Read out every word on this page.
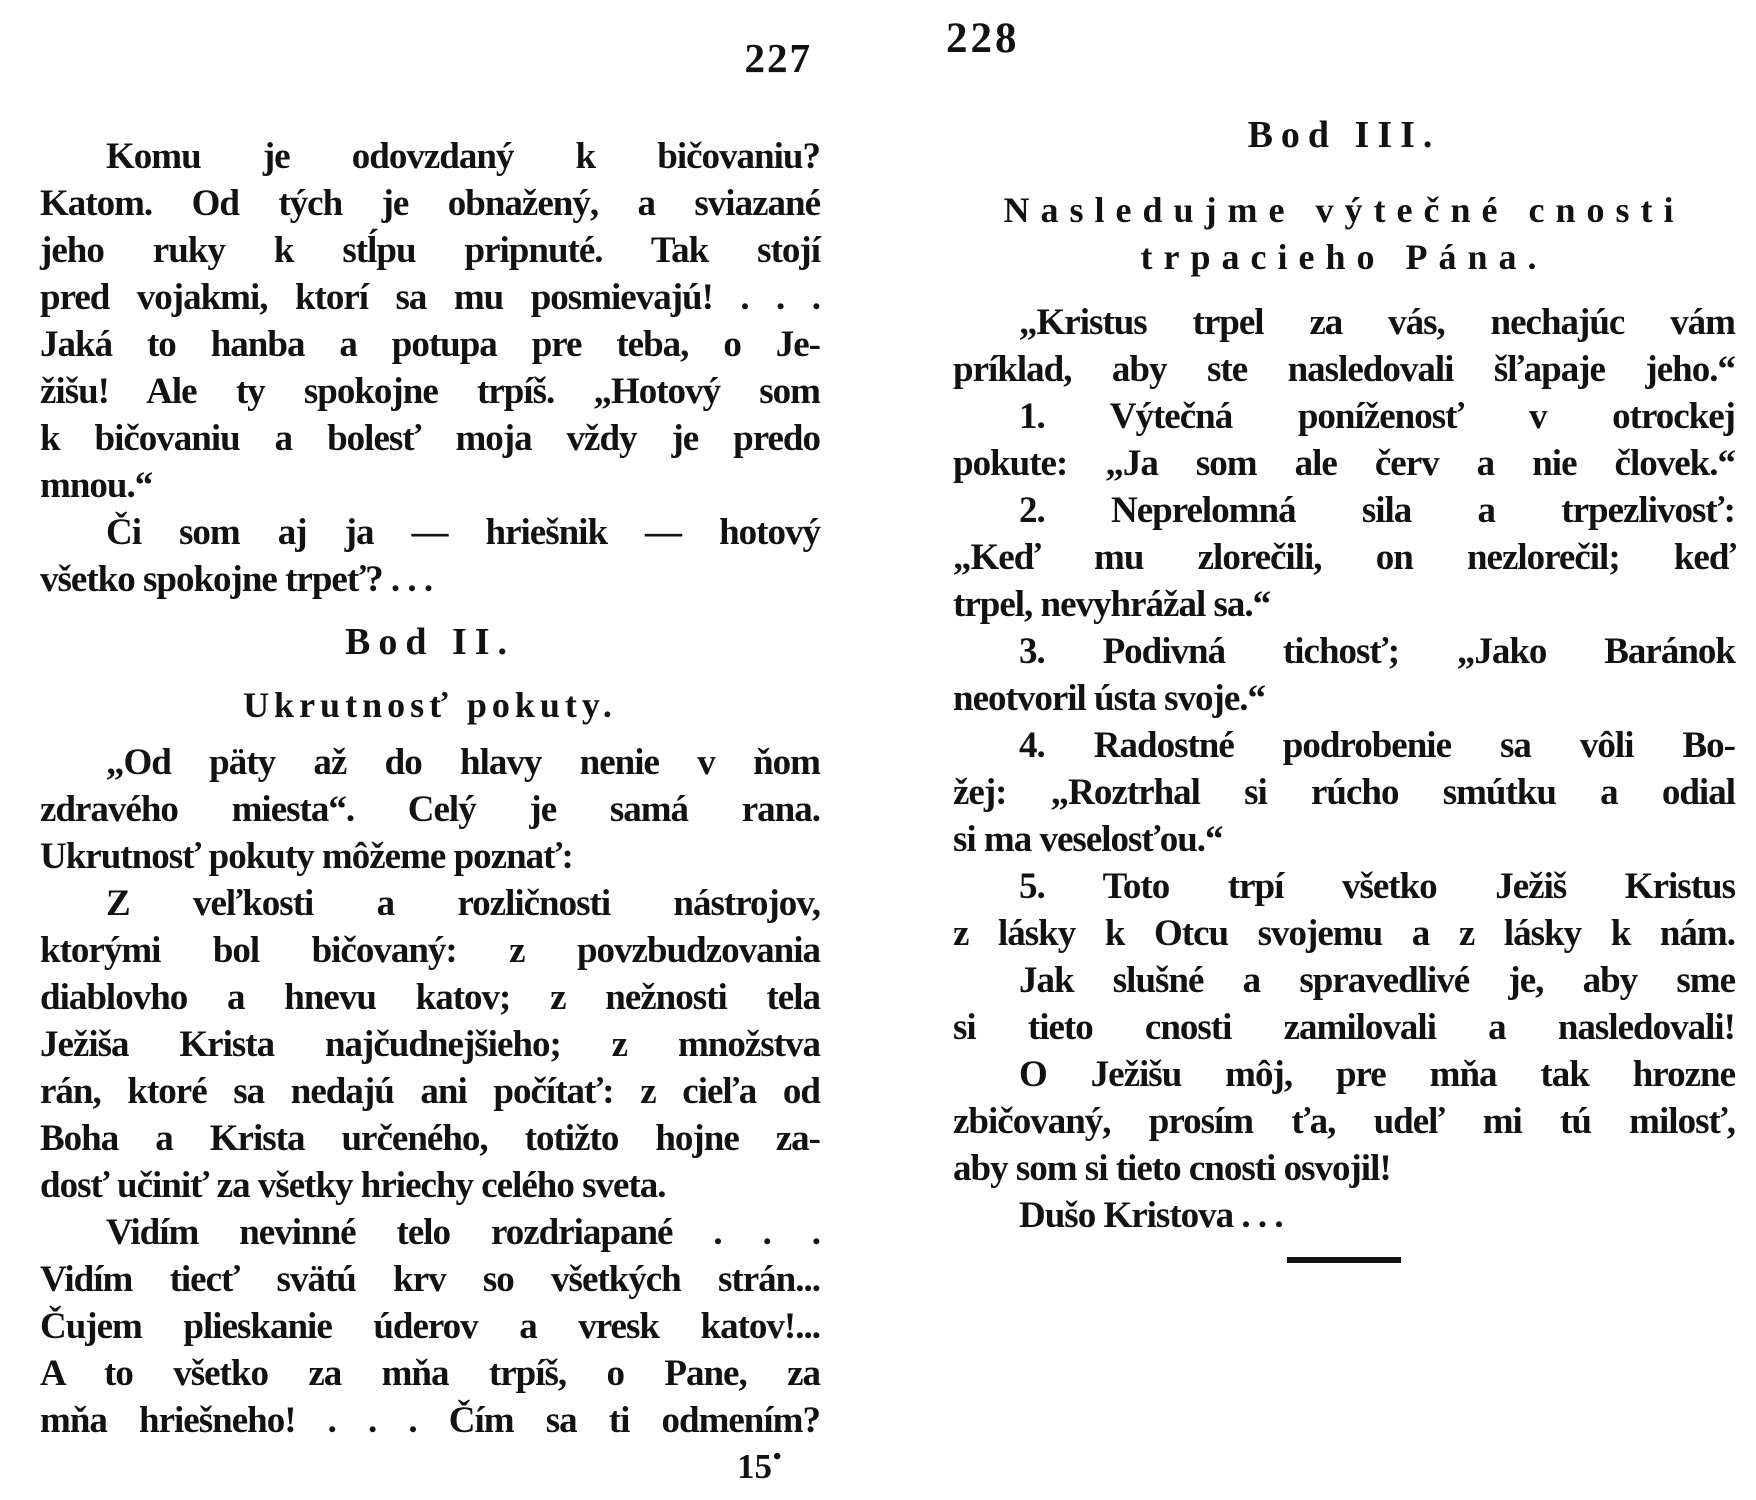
227	228
Komu je odovzdaný k bičovaniu?
Katom. Od tých je obnažený, a sviazané
jeho ruky k stĺpu pripnuté. Tak stojí
pred vojakmi, ktorí sa mu posmievajú! . . .
Jaká to hanba a potupa pre teba, o Je-
žišu! Ale ty spokojne trpíš. „Hotový som
k bičovaniu a bolesť moja vždy je predo
mnou.“
Či som aj ja — hriešnik — hotový
všetko spokojne trpeť? . . .
Bod II.
Ukrutnosť pokuty.
„Od päty až do hlavy nenie v ňom
zdravého miesta“. Celý je samá rana.
Ukrutnosť pokuty môžeme poznať:
Z veľkosti a rozličnosti nástrojov,
ktorými bol bičovaný: z povzbudzovania
diablovho a hnevu katov; z nežnosti tela
Ježiša Krista najčudnejšieho; z množstva
rán, ktoré sa nedajú ani počítať: z cieľa od
Boha a Krista určeného, totižto hojne za-
dosť učiniť za všetky hriechy celého sveta.
Vidím nevinné telo rozdriapané . . .
Vidím tiecť svätú krv so všetkých strán...
Čujem plieskanie úderov a vresk katov!...
A to všetko za mňa trpíš, o Pane, za
mňa hriešneho! . . . Čím sa ti odmením?
Bod III.
Nasledujme výtečné cnosti
trpacieho Pána.
„Kristus trpel za vás, nechajúc vám
príklad, aby ste nasledovali šľapaje jeho.“
1. Výtečná poníženosť v otrockej
pokute: „Ja som ale červ a nie človek.“
2. Neprelomná sila a trpezlivosť:
„Keď mu zlorečili, on nezlorečil; keď
trpel, nevyhrážal sa.“
3. Podivná tichosť; „Jako Baránok
neotvoril ústa svoje.“
4. Radostné podrobenie sa vôli Bo-
žej: „Roztrhal si rúcho smútku a odial
si ma veselosťou.“
5. Toto trpí všetko Ježiš Kristus
z lásky k Otcu svojemu a z lásky k nám.
Jak slušné a spravedlivé je, aby sme
si tieto cnosti zamilovali a nasledovali!
O Ježišu môj, pre mňa tak hrozne
zbičovaný, prosím ťa, udeľ mi tú milosť,
aby som si tieto cnosti osvojil!
Dušo Kristova . . .
15•
